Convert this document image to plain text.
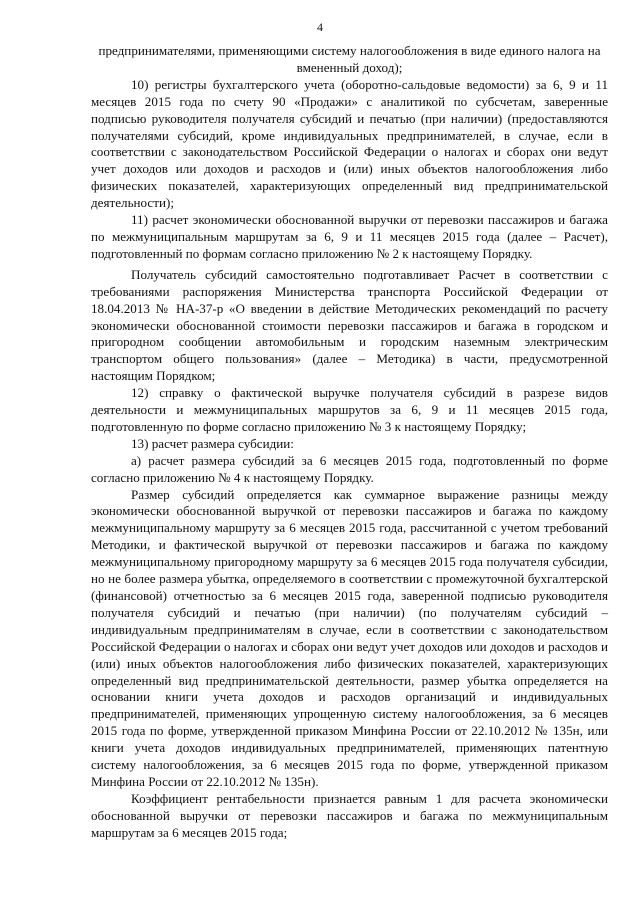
4

предпринимателями, применяющими систему налогообложения в виде единого налога на вмененный доход);

10) регистры бухгалтерского учета (оборотно-сальдовые ведомости) за 6, 9 и 11 месяцев 2015 года по счету 90 «Продажи» с аналитикой по субсчетам, заверенные подписью руководителя получателя субсидий и печатью (при наличии) (предоставляются получателями субсидий, кроме индивидуальных предпринимателей, в случае, если в соответствии с законодательством Российской Федерации о налогах и сборах они ведут учет доходов или доходов и расходов и (или) иных объектов налогообложения либо физических показателей, характеризующих определенный вид предпринимательской деятельности);

11) расчет экономически обоснованной выручки от перевозки пассажиров и багажа по межмуниципальным маршрутам за 6, 9 и 11 месяцев 2015 года (далее – Расчет), подготовленный по формам согласно приложению № 2 к настоящему Порядку.

Получатель субсидий самостоятельно подготавливает Расчет в соответствии с требованиями распоряжения Министерства транспорта Российской Федерации от 18.04.2013 № НА-37-р «О введении в действие Методических рекомендаций по расчету экономически обоснованной стоимости перевозки пассажиров и багажа в городском и пригородном сообщении автомобильным и городским наземным электрическим транспортом общего пользования» (далее – Методика) в части, предусмотренной настоящим Порядком;

12) справку о фактической выручке получателя субсидий в разрезе видов деятельности и межмуниципальных маршрутов за 6, 9 и 11 месяцев 2015 года, подготовленную по форме согласно приложению № 3 к настоящему Порядку;

13) расчет размера субсидии:

а) расчет размера субсидий за 6 месяцев 2015 года, подготовленный по форме согласно приложению № 4 к настоящему Порядку.

Размер субсидий определяется как суммарное выражение разницы между экономически обоснованной выручкой от перевозки пассажиров и багажа по каждому межмуниципальному маршруту за 6 месяцев 2015 года, рассчитанной с учетом требований Методики, и фактической выручкой от перевозки пассажиров и багажа по каждому межмуниципальному пригородному маршруту за 6 месяцев 2015 года получателя субсидии, но не более размера убытка, определяемого в соответствии с промежуточной бухгалтерской (финансовой) отчетностью за 6 месяцев 2015 года, заверенной подписью руководителя получателя субсидий и печатью (при наличии) (по получателям субсидий – индивидуальным предпринимателям в случае, если в соответствии с законодательством Российской Федерации о налогах и сборах они ведут учет доходов или доходов и расходов и (или) иных объектов налогообложения либо физических показателей, характеризующих определенный вид предпринимательской деятельности, размер убытка определяется на основании книги учета доходов и расходов организаций и индивидуальных предпринимателей, применяющих упрощенную систему налогообложения, за 6 месяцев 2015 года по форме, утвержденной приказом Минфина России от 22.10.2012 № 135н, или книги учета доходов индивидуальных предпринимателей, применяющих патентную систему налогообложения, за 6 месяцев 2015 года по форме, утвержденной приказом Минфина России от 22.10.2012 № 135н).

Коэффициент рентабельности признается равным 1 для расчета экономически обоснованной выручки от перевозки пассажиров и багажа по межмуниципальным маршрутам за 6 месяцев 2015 года;
